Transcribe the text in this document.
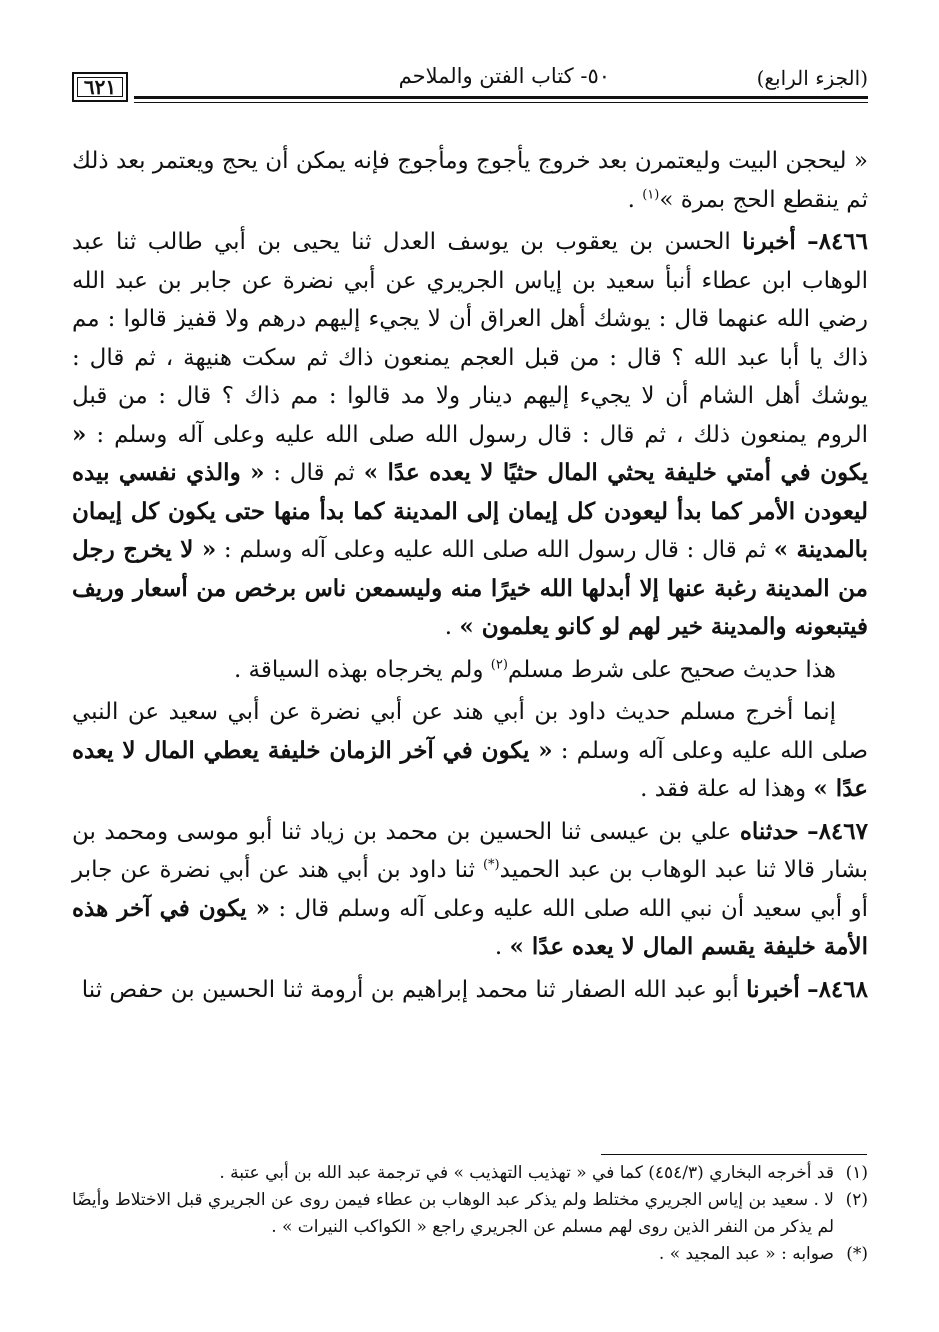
(الجزء الرابع)
٥٠- كتاب الفتن والملاحم
٦٢١

« ليحجن البيت وليعتمرن بعد خروج يأجوج ومأجوج فإنه يمكن أن يحج ويعتمر بعد ذلك ثم ينقطع الحج بمرة »$^{(١)}$ .

٨٤٦٦– أخبرنا الحسن بن يعقوب بن يوسف العدل ثنا يحيى بن أبي طالب ثنا عبد الوهاب ابن عطاء أنبأ سعيد بن إياس الجريري عن أبي نضرة عن جابر بن عبد الله رضي الله عنهما قال : يوشك أهل العراق أن لا يجيء إليهم درهم ولا قفيز قالوا : مم ذاك يا أبا عبد الله ؟ قال : من قبل العجم يمنعون ذاك ثم سكت هنيهة ، ثم قال : يوشك أهل الشام أن لا يجيء إليهم دينار ولا مد قالوا : مم ذاك ؟ قال : من قبل الروم يمنعون ذلك ، ثم قال : قال رسول الله صلى الله عليه وعلى آله وسلم : « يكون في أمتي خليفة يحثي المال حثيًا لا يعده عدًا » ثم قال : « والذي نفسي بيده ليعودن الأمر كما بدأ ليعودن كل إيمان إلى المدينة كما بدأ منها حتى يكون كل إيمان بالمدينة » ثم قال : قال رسول الله صلى الله عليه وعلى آله وسلم : « لا يخرج رجل من المدينة رغبة عنها إلا أبدلها الله خيرًا منه وليسمعن ناس برخص من أسعار وريف فيتبعونه والمدينة خير لهم لو كانو يعلمون » .

هذا حديث صحيح على شرط مسلم$^{(٢)}$ ولم يخرجاه بهذه السياقة .

إنما أخرج مسلم حديث داود بن أبي هند عن أبي نضرة عن أبي سعيد عن النبي صلى الله عليه وعلى آله وسلم : « يكون في آخر الزمان خليفة يعطي المال لا يعده عدًا » وهذا له علة فقد .

٨٤٦٧– حدثناه علي بن عيسى ثنا الحسين بن محمد بن زياد ثنا أبو موسى ومحمد بن بشار قالا ثنا عبد الوهاب بن عبد الحميد(*) ثنا داود بن أبي هند عن أبي نضرة عن جابر أو أبي سعيد أن نبي الله صلى الله عليه وعلى آله وسلم قال : « يكون في آخر هذه الأمة خليفة يقسم المال لا يعده عدًا » .

٨٤٦٨– أخبرنا أبو عبد الله الصفار ثنا محمد إبراهيم بن أرومة ثنا الحسين بن حفص ثنا

(١)
قد أخرجه البخاري (٤٥٤/٣) كما في « تهذيب التهذيب » في ترجمة عبد الله بن أبي عتبة .

(٢)
لا . سعيد بن إياس الجريري مختلط ولم يذكر عبد الوهاب بن عطاء فيمن روى عن الجريري قبل الاختلاط وأيضًا لم يذكر من النفر الذين روى لهم مسلم عن الجريري راجع « الكواكب النيرات » .

(*)
صوابه : « عبد المجيد » .
